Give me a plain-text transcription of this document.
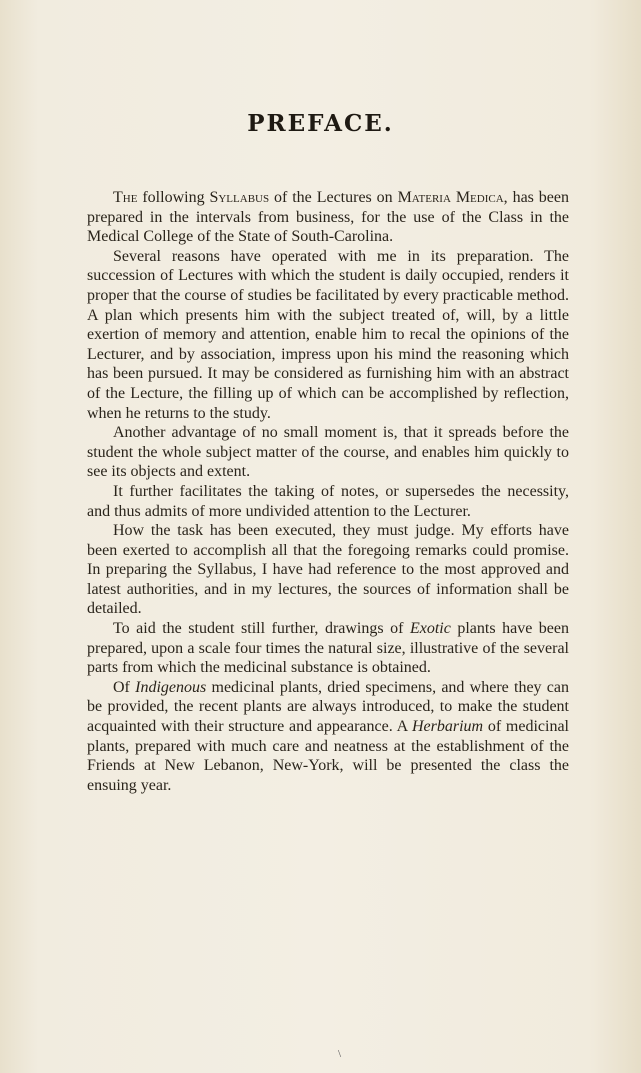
PREFACE.

The following Syllabus of the Lectures on Materia Medica, has been prepared in the intervals from business, for the use of the Class in the Medical College of the State of South-Carolina.

Several reasons have operated with me in its preparation. The succession of Lectures with which the student is daily occupied, renders it proper that the course of studies be facilitated by every practicable method. A plan which presents him with the subject treated of, will, by a little exertion of memory and attention, enable him to recal the opinions of the Lecturer, and by association, impress upon his mind the reasoning which has been pursued. It may be considered as furnishing him with an abstract of the Lecture, the filling up of which can be accomplished by reflection, when he returns to the study.

Another advantage of no small moment is, that it spreads before the student the whole subject matter of the course, and enables him quickly to see its objects and extent.

It further facilitates the taking of notes, or supersedes the necessity, and thus admits of more undivided attention to the Lecturer.

How the task has been executed, they must judge. My efforts have been exerted to accomplish all that the foregoing remarks could promise. In preparing the Syllabus, I have had reference to the most approved and latest authorities, and in my lectures, the sources of information shall be detailed.

To aid the student still further, drawings of Exotic plants have been prepared, upon a scale four times the natural size, illustrative of the several parts from which the medicinal substance is obtained.

Of Indigenous medicinal plants, dried specimens, and where they can be provided, the recent plants are always introduced, to make the student acquainted with their structure and appearance. A Herbarium of medicinal plants, prepared with much care and neatness at the establishment of the Friends at New Lebanon, New-York, will be presented the class the ensuing year.

\
